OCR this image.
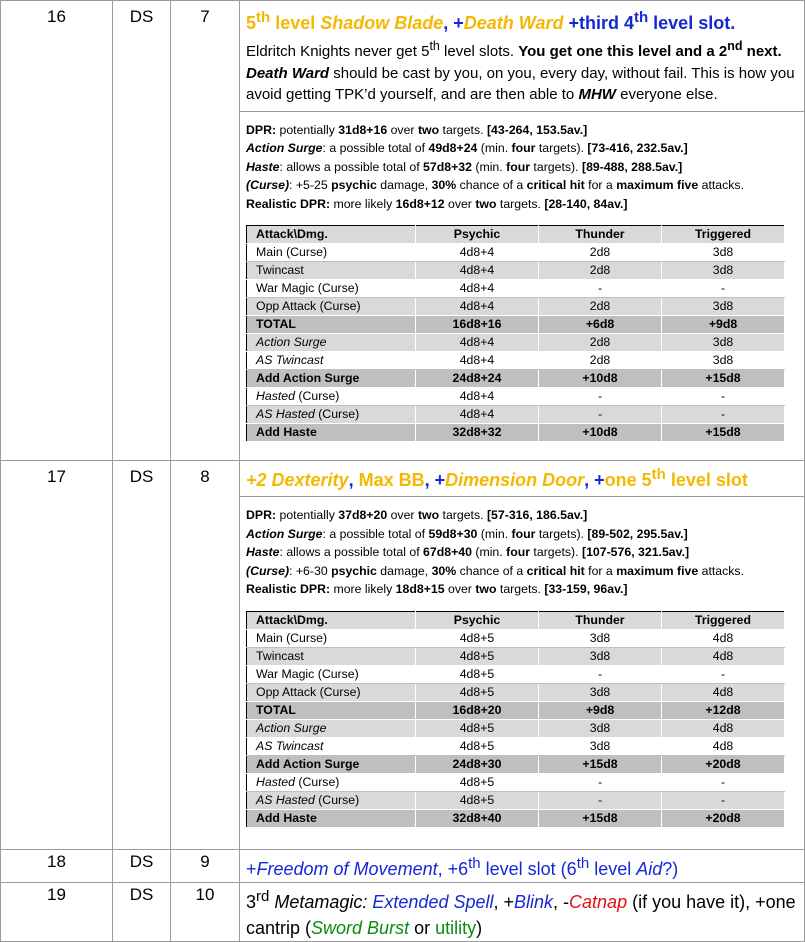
16	DS	7	5th level Shadow Blade, +Death Ward +third 4th level slot.
Eldritch Knights never get 5th level slots. You get one this level and a 2nd next. Death Ward should be cast by you, on you, every day, without fail. This is how you avoid getting TPK’d yourself, and are then able to MHW everyone else.
DPR: potentially 31d8+16 over two targets. [43-264, 153.5av.]
Action Surge: a possible total of 49d8+24 (min. four targets). [73-416, 232.5av.]
Haste: allows a possible total of 57d8+32 (min. four targets). [89-488, 288.5av.]
(Curse): +5-25 psychic damage, 30% chance of a critical hit for a maximum five attacks.
Realistic DPR: more likely 16d8+12 over two targets. [28-140, 84av.]
Attack\Dmg.	Psychic	Thunder	Triggered
Main (Curse)	4d8+4	2d8	3d8
Twincast	4d8+4	2d8	3d8
War Magic (Curse)	4d8+4	-	-
Opp Attack (Curse)	4d8+4	2d8	3d8
TOTAL	16d8+16	+6d8	+9d8
Action Surge	4d8+4	2d8	3d8
AS Twincast	4d8+4	2d8	3d8
Add Action Surge	24d8+24	+10d8	+15d8
Hasted (Curse)	4d8+4	-	-
AS Hasted (Curse)	4d8+4	-	-
Add Haste	32d8+32	+10d8	+15d8

17	DS	8	+2 Dexterity, Max BB, +Dimension Door, +one 5th level slot
DPR: potentially 37d8+20 over two targets. [57-316, 186.5av.]
Action Surge: a possible total of 59d8+30 (min. four targets). [89-502, 295.5av.]
Haste: allows a possible total of 67d8+40 (min. four targets). [107-576, 321.5av.]
(Curse): +6-30 psychic damage, 30% chance of a critical hit for a maximum five attacks.
Realistic DPR: more likely 18d8+15 over two targets. [33-159, 96av.]
Attack\Dmg.	Psychic	Thunder	Triggered
Main (Curse)	4d8+5	3d8	4d8
Twincast	4d8+5	3d8	4d8
War Magic (Curse)	4d8+5	-	-
Opp Attack (Curse)	4d8+5	3d8	4d8
TOTAL	16d8+20	+9d8	+12d8
Action Surge	4d8+5	3d8	4d8
AS Twincast	4d8+5	3d8	4d8
Add Action Surge	24d8+30	+15d8	+20d8
Hasted (Curse)	4d8+5	-	-
AS Hasted (Curse)	4d8+5	-	-
Add Haste	32d8+40	+15d8	+20d8

18	DS	9	+Freedom of Movement, +6th level slot (6th level Aid?)

19	DS	10	3rd Metamagic: Extended Spell, +Blink, -Catnap (if you have it), +one cantrip (Sword Burst or utility)
